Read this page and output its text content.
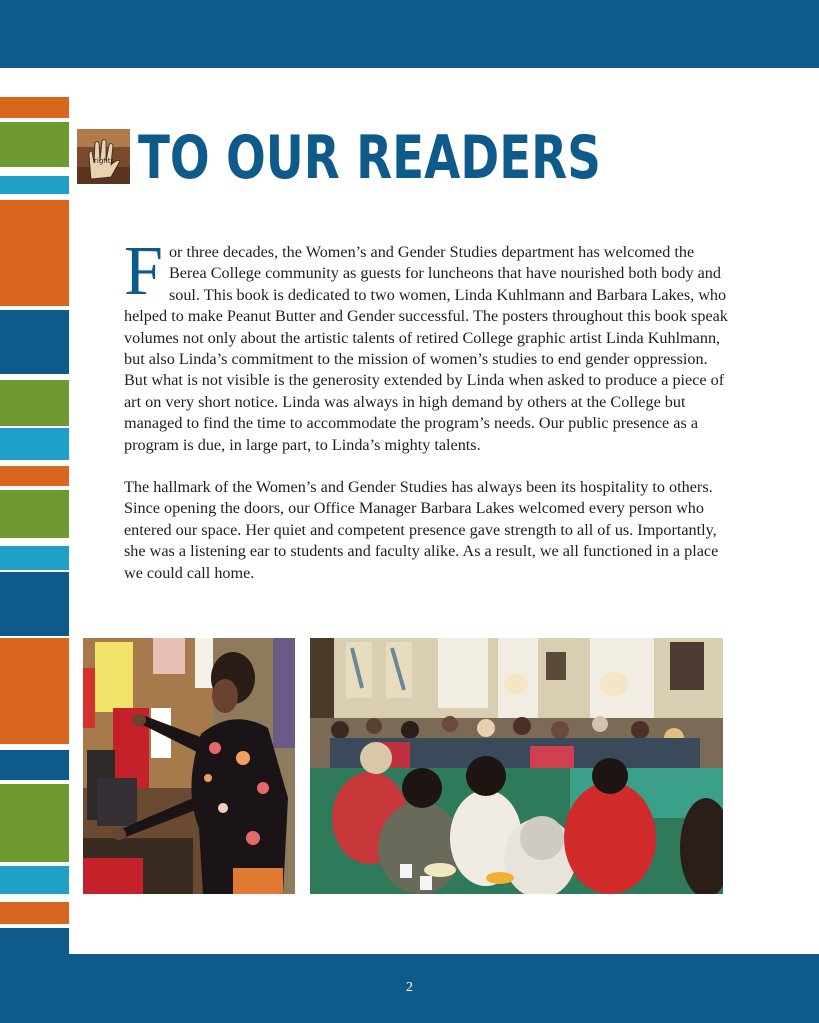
rights TO OUR READERS

For three decades, the Women’s and Gender Studies department has welcomed the Berea College community as guests for luncheons that have nourished both body and soul. This book is dedicated to two women, Linda Kuhlmann and Barbara Lakes, who helped to make Peanut Butter and Gender successful. The posters throughout this book speak volumes not only about the artistic talents of retired College graphic artist Linda Kuhlmann, but also Linda’s commitment to the mission of women’s studies to end gender oppression. But what is not visible is the generosity extended by Linda when asked to produce a piece of art on very short notice. Linda was always in high demand by others at the College but managed to find the time to accommodate the program’s needs. Our public presence as a program is due, in large part, to Linda’s mighty talents.

The hallmark of the Women’s and Gender Studies has always been its hospitality to others. Since opening the doors, our Office Manager Barbara Lakes welcomed every person who entered our space. Her quiet and competent presence gave strength to all of us. Importantly, she was a listening ear to students and faculty alike. As a result, we all functioned in a place we could call home.

2
